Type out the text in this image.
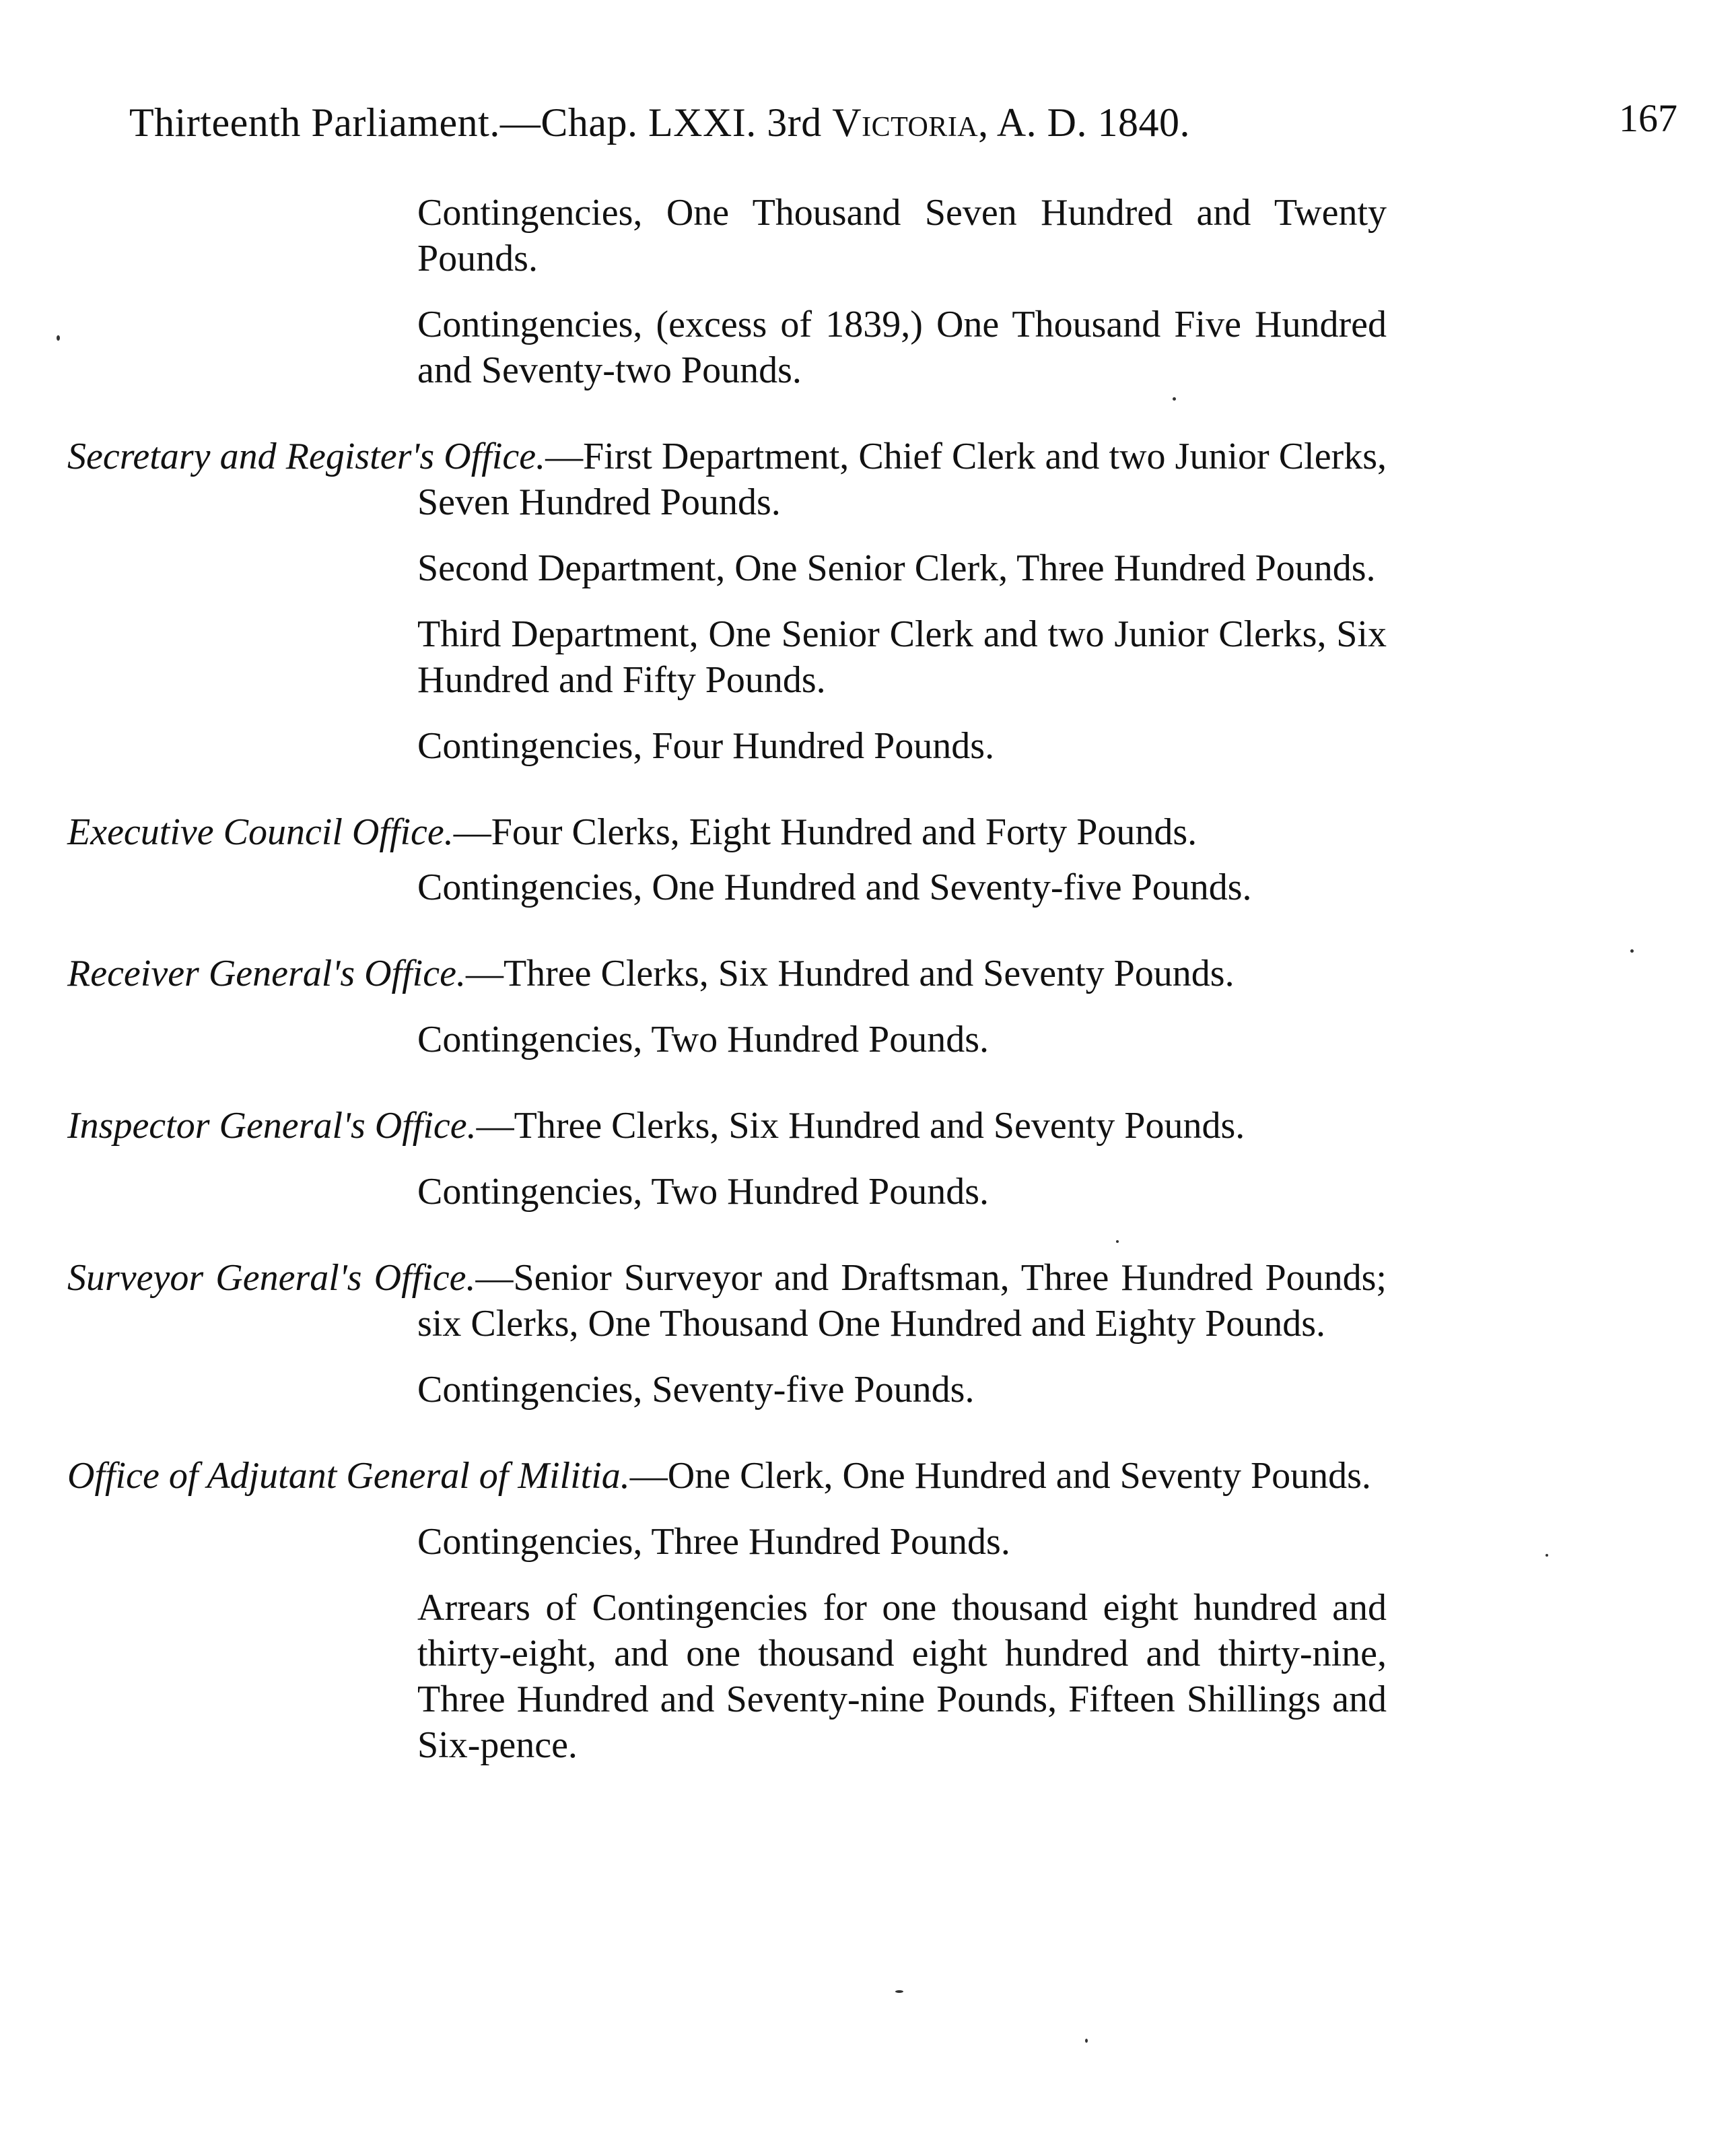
Thirteenth Parliament.—Chap. LXXI. 3rd Victoria, A. D. 1840.	167

Contingencies, One Thousand Seven Hundred and Twenty Pounds.

Contingencies, (excess of 1839,) One Thousand Five Hundred and Seventy-two Pounds.

Secretary and Register's Office.—First Department, Chief Clerk and two Junior Clerks, Seven Hundred Pounds.

Second Department, One Senior Clerk, Three Hundred Pounds.

Third Department, One Senior Clerk and two Junior Clerks, Six Hundred and Fifty Pounds.

Contingencies, Four Hundred Pounds.

Executive Council Office.—Four Clerks, Eight Hundred and Forty Pounds.

Contingencies, One Hundred and Seventy-five Pounds.

Receiver General's Office.—Three Clerks, Six Hundred and Seventy Pounds.

Contingencies, Two Hundred Pounds.

Inspector General's Office.—Three Clerks, Six Hundred and Seventy Pounds.

Contingencies, Two Hundred Pounds.

Surveyor General's Office.—Senior Surveyor and Draftsman, Three Hundred Pounds; six Clerks, One Thousand One Hundred and Eighty Pounds.

Contingencies, Seventy-five Pounds.

Office of Adjutant General of Militia.—One Clerk, One Hundred and Seventy Pounds.

Contingencies, Three Hundred Pounds.

Arrears of Contingencies for one thousand eight hundred and thirty-eight, and one thousand eight hundred and thirty-nine, Three Hundred and Seventy-nine Pounds, Fifteen Shillings and Six-pence.
